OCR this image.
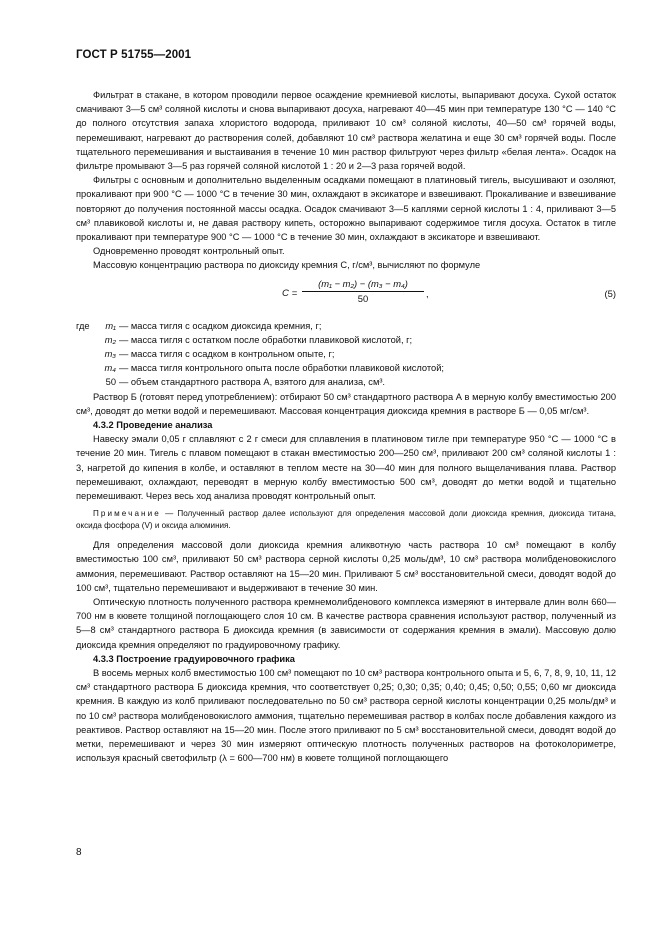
ГОСТ Р 51755—2001

Фильтрат в стакане, в котором проводили первое осаждение кремниевой кислоты, выпаривают досуха. Сухой остаток смачивают 3—5 см³ соляной кислоты и снова выпаривают досуха, нагревают 40—45 мин при температуре 130 °С — 140 °С до полного отсутствия запаха хлористого водорода, приливают 10 см³ соляной кислоты, 40—50 см³ горячей воды, перемешивают, нагревают до растворения солей, добавляют 10 см³ раствора желатина и еще 30 см³ горячей воды. После тщательного перемешивания и выстаивания в течение 10 мин раствор фильтруют через фильтр «белая лента». Осадок на фильтре промывают 3—5 раз горячей соляной кислотой 1 : 20 и 2—3 раза горячей водой.

Фильтры с основным и дополнительно выделенным осадками помещают в платиновый тигель, высушивают и озоляют, прокаливают при 900 °С — 1000 °С в течение 30 мин, охлаждают в эксикаторе и взвешивают. Прокаливание и взвешивание повторяют до получения постоянной массы осадка. Осадок смачивают 3—5 каплями серной кислоты 1 : 4, приливают 3—5 см³ плавиковой кислоты и, не давая раствору кипеть, осторожно выпаривают содержимое тигля досуха. Остаток в тигле прокаливают при температуре 900 °С — 1000 °С в течение 30 мин, охлаждают в эксикаторе и взвешивают.

Одновременно проводят контрольный опыт.

Массовую концентрацию раствора по диоксиду кремния С, г/см³, вычисляют по формуле

$C = \frac{\text{(m₁ − m₂) − (m₃ − m₄)}}{50}$ ,	(5)
где	m₁ — масса тигля с осадком диоксида кремния, г;
m₂ — масса тигля с остатком после обработки плавиковой кислотой, г;
m₃ — масса тигля с осадком в контрольном опыте, г;
m₄ — масса тигля контрольного опыта после обработки плавиковой кислотой;
50 — объем стандартного раствора А, взятого для анализа, см³.

Раствор Б (готовят перед употреблением): отбирают 50 см³ стандартного раствора А в мерную колбу вместимостью 200 см³, доводят до метки водой и перемешивают. Массовая концентрация диоксида кремния в растворе Б — 0,05 мг/см³.

4.3.2 Проведение анализа

Навеску эмали 0,05 г сплавляют с 2 г смеси для сплавления в платиновом тигле при температуре 950 °С — 1000 °С в течение 20 мин. Тигель с плавом помещают в стакан вместимостью 200—250 см³, приливают 200 см³ соляной кислоты 1 : 3, нагретой до кипения в колбе, и оставляют в теплом месте на 30—40 мин для полного выщелачивания плава. Раствор перемешивают, охлаждают, переводят в мерную колбу вместимостью 500 см³, доводят до метки водой и тщательно перемешивают. Через весь ход анализа проводят контрольный опыт.

Примечание — Полученный раствор далее используют для определения массовой доли диоксида кремния, диоксида титана, оксида фосфора (V) и оксида алюминия.

Для определения массовой доли диоксида кремния аликвотную часть раствора 10 см³ помещают в колбу вместимостью 100 см³, приливают 50 см³ раствора серной кислоты 0,25 моль/дм³, 10 см³ раствора молибденовокислого аммония, перемешивают. Раствор оставляют на 15—20 мин. Приливают 5 см³ восстановительной смеси, доводят водой до 100 см³, тщательно перемешивают и выдерживают в течение 30 мин.

Оптическую плотность полученного раствора кремнемолибденового комплекса измеряют в интервале длин волн 660—700 нм в кювете толщиной поглощающего слоя 10 см. В качестве раствора сравнения используют раствор, полученный из 5—8 см³ стандартного раствора Б диоксида кремния (в зависимости от содержания кремния в эмали). Массовую долю диоксида кремния определяют по градуировочному графику.

4.3.3 Построение градуировочного графика

В восемь мерных колб вместимостью 100 см³ помещают по 10 см³ раствора контрольного опыта и 5, 6, 7, 8, 9, 10, 11, 12 см³ стандартного раствора Б диоксида кремния, что соответствует 0,25; 0,30; 0,35; 0,40; 0,45; 0,50; 0,55; 0,60 мг диоксида кремния. В каждую из колб приливают последовательно по 50 см³ раствора серной кислоты концентрации 0,25 моль/дм³ и по 10 см³ раствора молибденовокислого аммония, тщательно перемешивая раствор в колбах после добавления каждого из реактивов. Раствор оставляют на 15—20 мин. После этого приливают по 5 см³ восстановительной смеси, доводят водой до метки, перемешивают и через 30 мин измеряют оптическую плотность полученных растворов на фотоколориметре, используя красный светофильтр (λ = 600—700 нм) в кювете толщиной поглощающего

8
